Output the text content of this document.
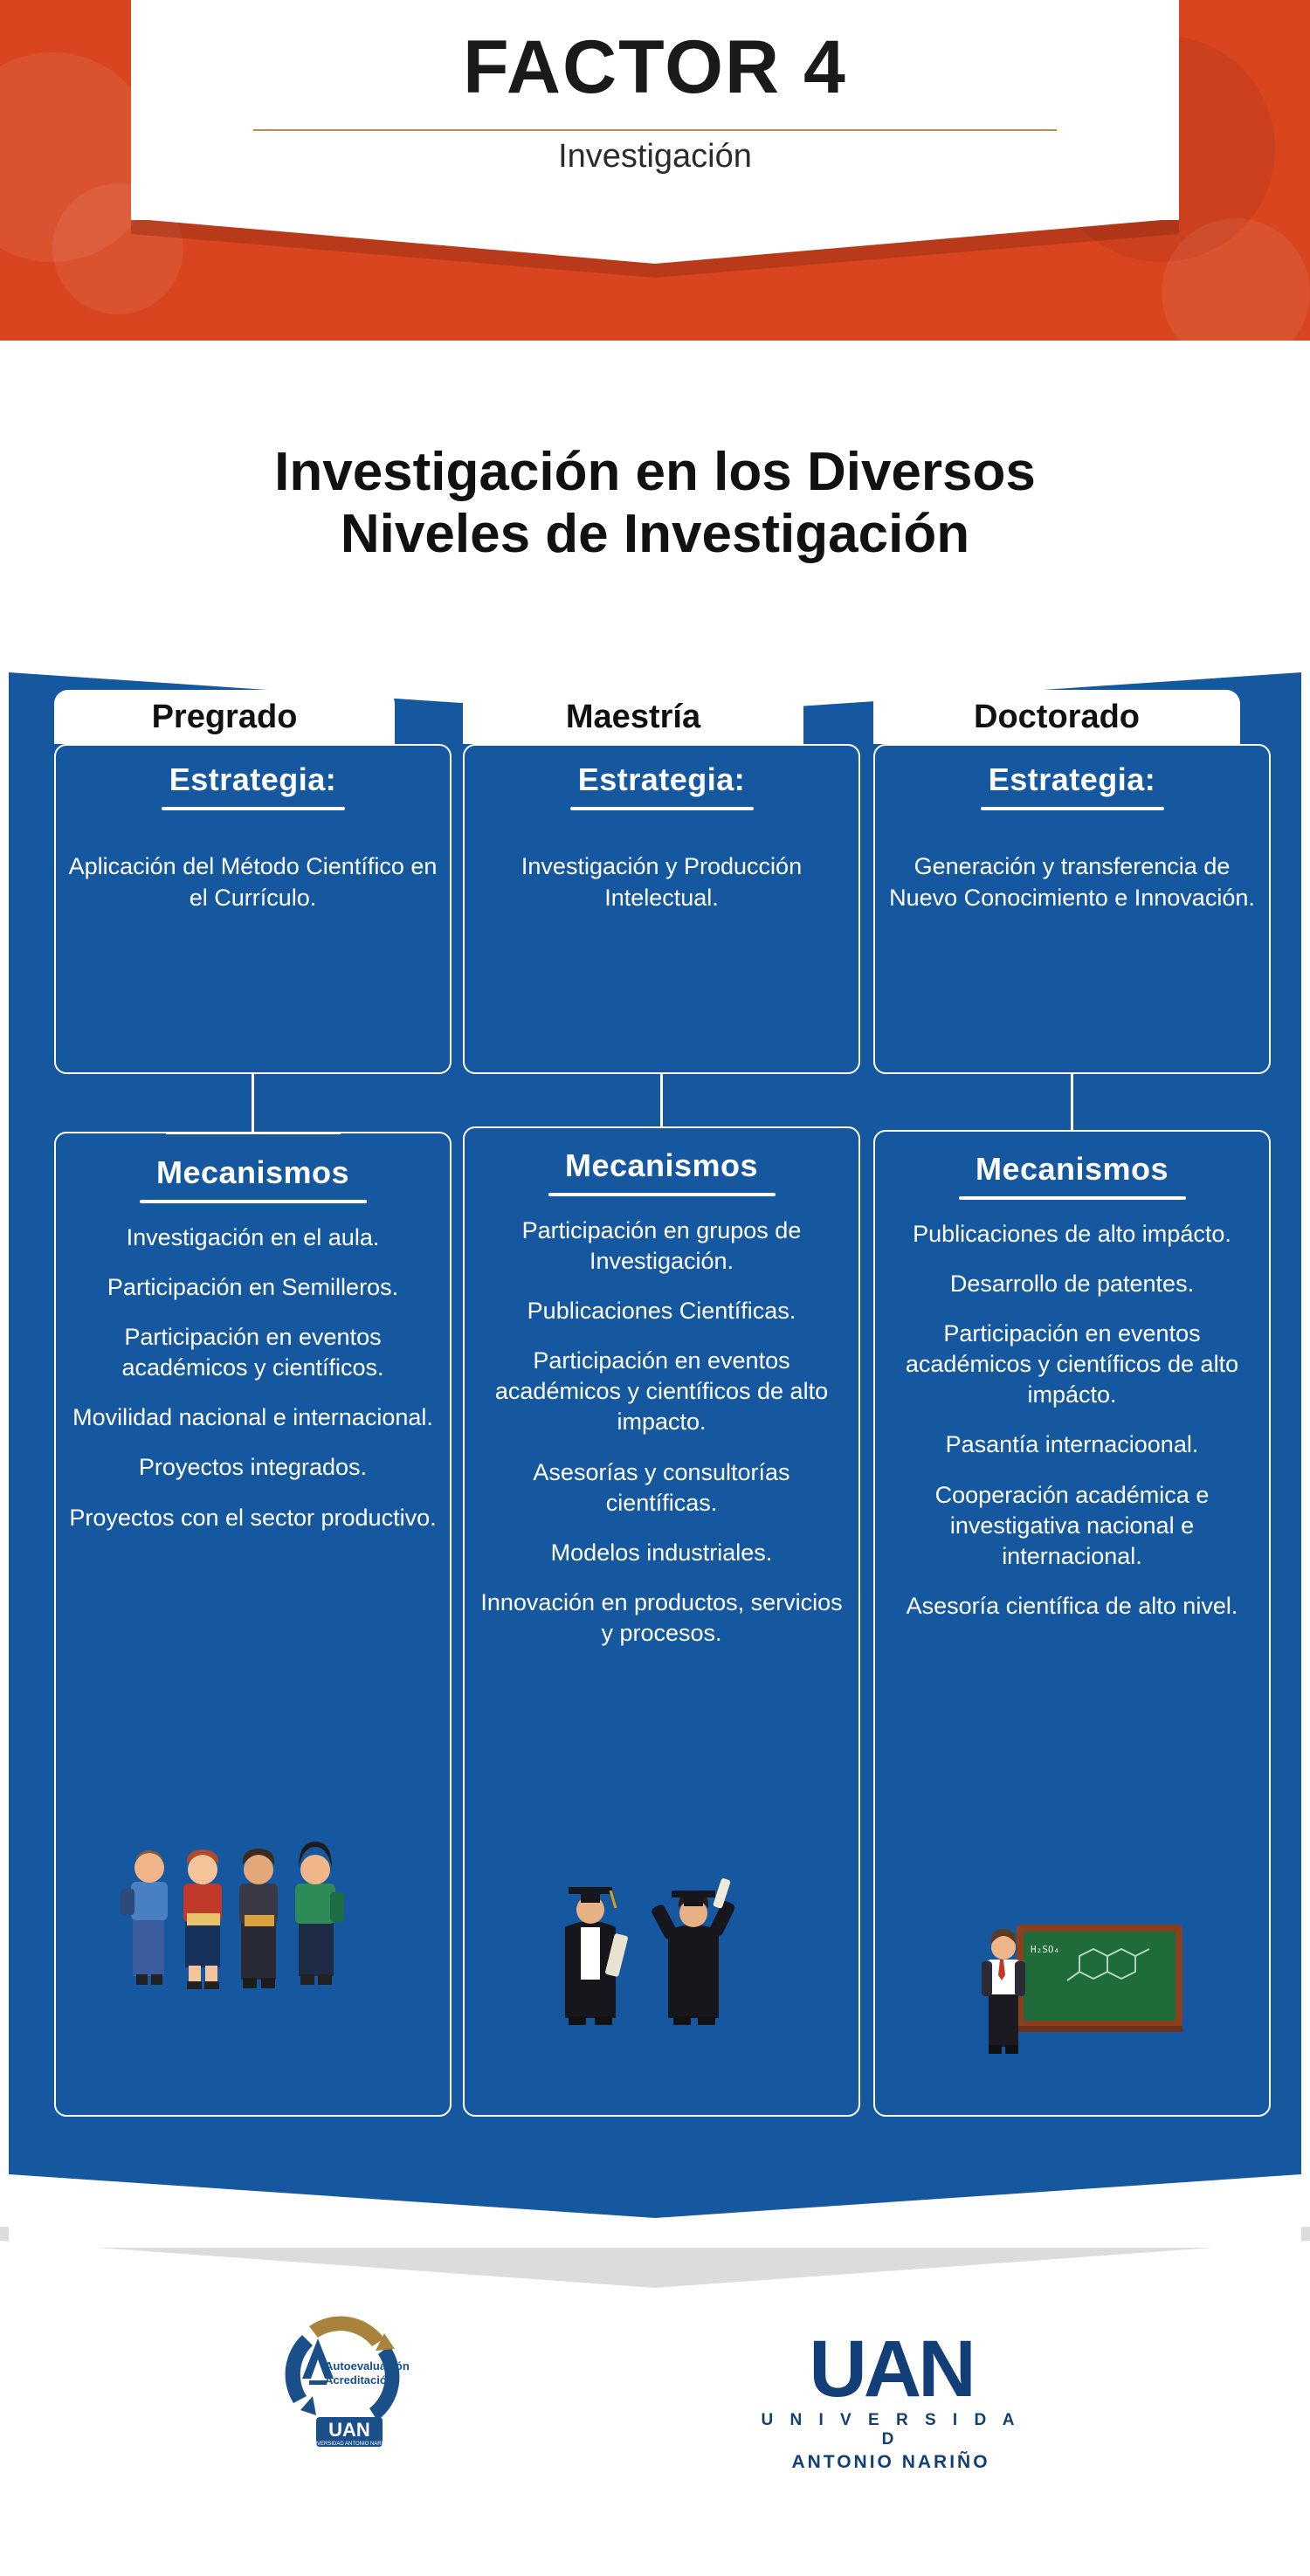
FACTOR 4
Investigación
Investigación en los Diversos
Niveles de Investigación
Pregrado
Estrategia:
Aplicación del Método Científico en el Currículo.
Mecanismos
Investigación en el aula.
Participación en Semilleros.
Participación en eventos académicos y científicos.
Movilidad nacional e internacional.
Proyectos integrados.
Proyectos con el sector productivo.
Maestría
Estrategia:
Investigación y Producción Intelectual.
Mecanismos
Participación en grupos de Investigación.
Publicaciones Científicas.
Participación en eventos académicos y científicos de alto impacto.
Asesorías y consultorías científicas.
Modelos industriales.
Innovación en productos, servicios y procesos.
Doctorado
Estrategia:
Generación y transferencia de Nuevo Conocimiento e Innovación.
Mecanismos
Publicaciones de alto impácto.
Desarrollo de patentes.
Participación en eventos académicos y científicos de alto impácto.
Pasantía internacioonal.
Cooperación académica e investigativa nacional e internacional.
Asesoría científica de alto nivel.
H₂SO₄
Autoevaluación
Acreditación
UAN
UNIVERSIDAD ANTONIO NARIÑO
UAN
U N I V E R S I D A D
ANTONIO NARIÑO
